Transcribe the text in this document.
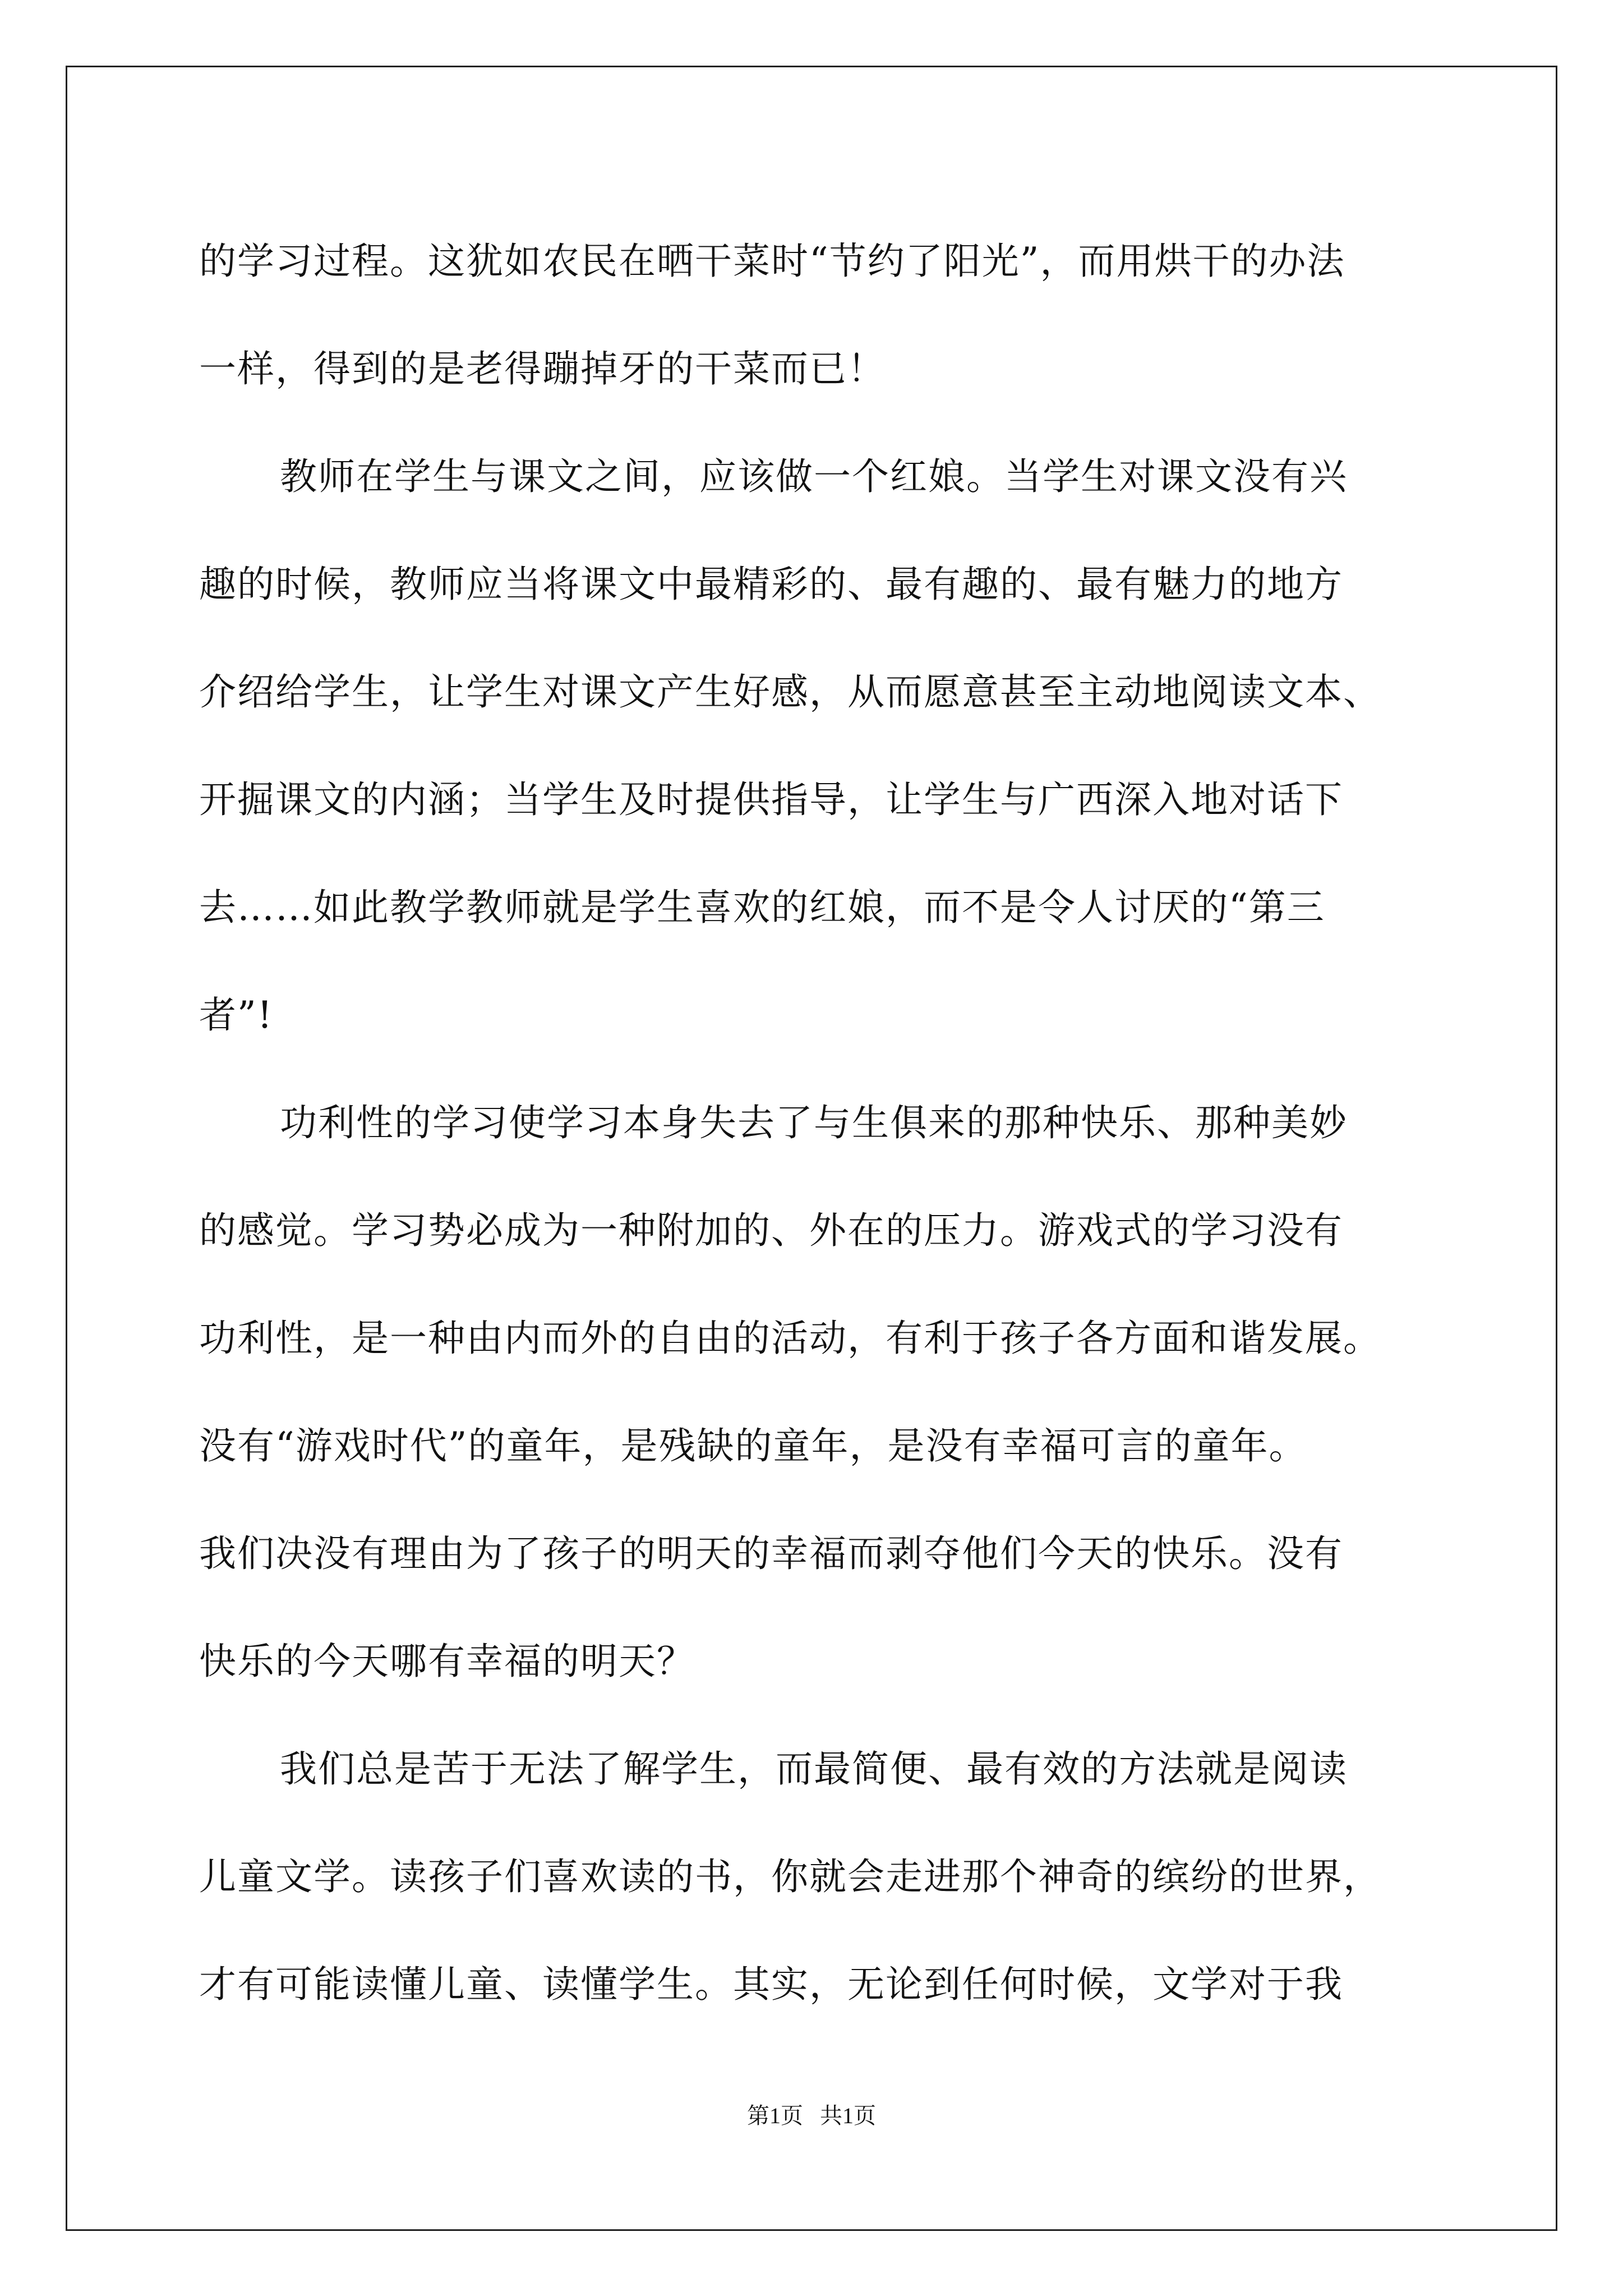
的学习过程。这犹如农民在晒干菜时“节约了阳光”，而用烘干的办法
一样，得到的是老得蹦掉牙的干菜而已！
教师在学生与课文之间，应该做一个红娘。当学生对课文没有兴
趣的时候，教师应当将课文中最精彩的、最有趣的、最有魅力的地方
介绍给学生，让学生对课文产生好感，从而愿意甚至主动地阅读文本、
开掘课文的内涵；当学生及时提供指导，让学生与广西深入地对话下
去……如此教学教师就是学生喜欢的红娘，而不是令人讨厌的“第三
者”!
功利性的学习使学习本身失去了与生俱来的那种快乐、那种美妙
的感觉。学习势必成为一种附加的、外在的压力。游戏式的学习没有
功利性，是一种由内而外的自由的活动，有利于孩子各方面和谐发展。
没有“游戏时代”的童年，是残缺的童年，是没有幸福可言的童年。
我们决没有理由为了孩子的明天的幸福而剥夺他们今天的快乐。没有
快乐的今天哪有幸福的明天？
我们总是苦于无法了解学生，而最简便、最有效的方法就是阅读
儿童文学。读孩子们喜欢读的书，你就会走进那个神奇的缤纷的世界，
才有可能读懂儿童、读懂学生。其实，无论到任何时候，文学对于我
第1页   共1页
